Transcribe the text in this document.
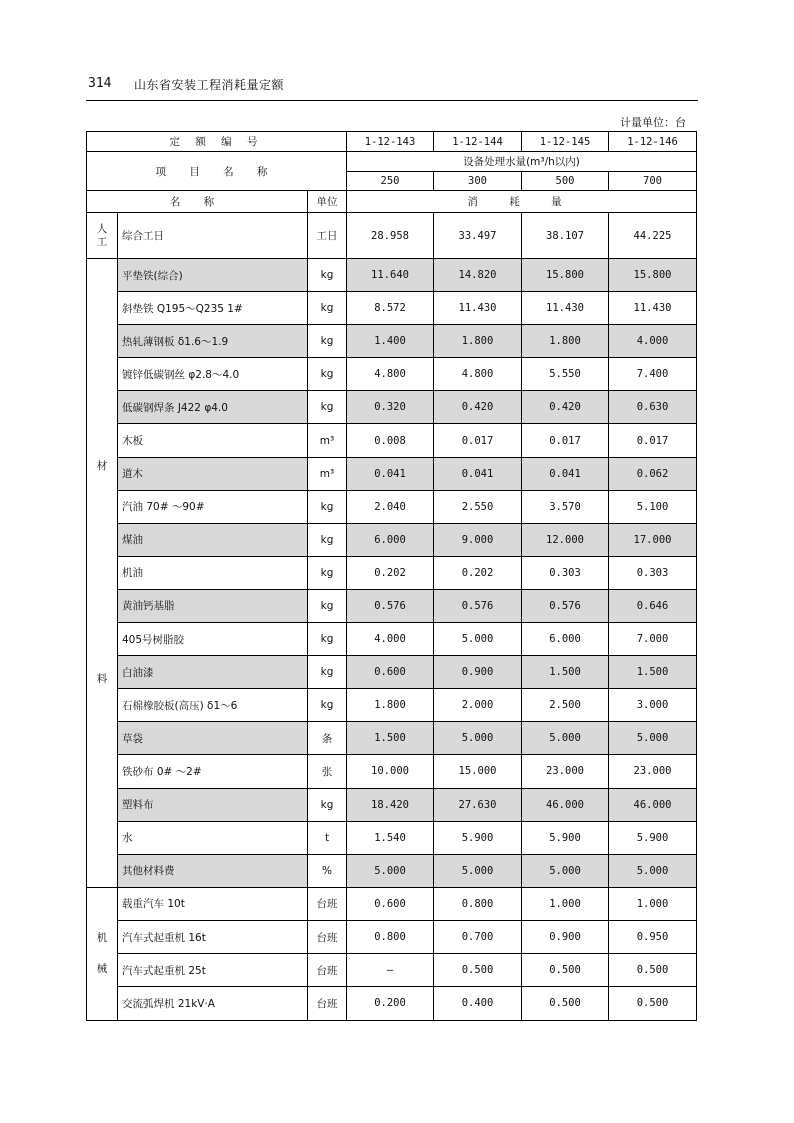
314 山东省安装工程消耗量定额
计量单位：台
定 额 编 号			1-12-143	1-12-144	1-12-145	1-12-146
项 目 名 称			设备处理水量(m³/h以内)			
			250	300	500	700
名 称		单位	消 耗 量			

人
工	综合工日	工日	28.958	33.497	38.107	44.225

材
料	平垫铁(综合)	kg	11.640	14.820	15.800	15.800
	斜垫铁 Q195～Q235 1#	kg	8.572	11.430	11.430	11.430
	热轧薄钢板 δ1.6～1.9	kg	1.400	1.800	1.800	4.000
	镀锌低碳钢丝 φ2.8～4.0	kg	4.800	4.800	5.550	7.400
	低碳钢焊条 J422 φ4.0	kg	0.320	0.420	0.420	0.630
	木板	m³	0.008	0.017	0.017	0.017
	道木	m³	0.041	0.041	0.041	0.062
	汽油 70# ～90#	kg	2.040	2.550	3.570	5.100
	煤油	kg	6.000	9.000	12.000	17.000
	机油	kg	0.202	0.202	0.303	0.303
	黄油钙基脂	kg	0.576	0.576	0.576	0.646
	405号树脂胶	kg	4.000	5.000	6.000	7.000
	白油漆	kg	0.600	0.900	1.500	1.500
	石棉橡胶板(高压) δ1～6	kg	1.800	2.000	2.500	3.000
	草袋	条	1.500	5.000	5.000	5.000
	铁砂布 0# ～2#	张	10.000	15.000	23.000	23.000
	塑料布	kg	18.420	27.630	46.000	46.000
	水	t	1.540	5.900	5.900	5.900
	其他材料费	%	5.000	5.000	5.000	5.000

机
械	载重汽车 10t	台班	0.600	0.800	1.000	1.000
	汽车式起重机 16t	台班	0.800	0.700	0.900	0.950
	汽车式起重机 25t	台班	—	0.500	0.500	0.500
	交流弧焊机 21kV·A	台班	0.200	0.400	0.500	0.500
